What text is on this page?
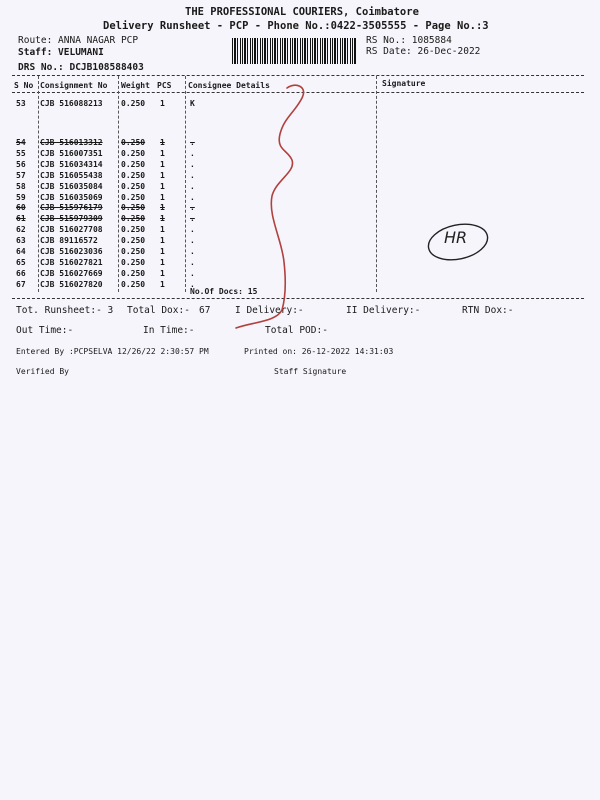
THE PROFESSIONAL COURIERS, Coimbatore
Delivery Runsheet - PCP - Phone No.:0422-3505555 - Page No.:3
Route: ANNA NAGAR PCP
Staff: VELUMANI
DRS No.: DCJB108588403
RS No.: 1085884
RS Date: 26-Dec-2022
S No Consignment No Weight PCS Consignee Details	Signature
53 CJB 516088213 0.250 1	K
54 CJB 516013312 0.250 1	.
55 CJB 516007351 0.250 1	.
56 CJB 516034314 0.250 1	.
57 CJB 516055438 0.250 1	.
58 CJB 516035084 0.250 1	.
59 CJB 516035069 0.250 1	.
60 CJB 515976179 0.250 1	.
61 CJB 515979309 0.250 1	.
62 CJB 516027708 0.250 1	.
63 CJB 89116572	0.250 1	.
64 CJB 516023036 0.250 1	.
65 CJB 516027821 0.250 1	.
66 CJB 516027669 0.250 1	.
67 CJB 516027820 0.250 1	.
No.Of Docs: 15
Tot. Runsheet:- 3 Total Dox:- 67	I Delivery:-	II Delivery:-	RTN Dox:-
Out Time:-	In Time:-	Total POD:-
Entered By :PCPSELVA 12/26/22 2:30:57 PM	Printed on: 26-12-2022 14:31:03
Verified By	Staff Signature
HR
